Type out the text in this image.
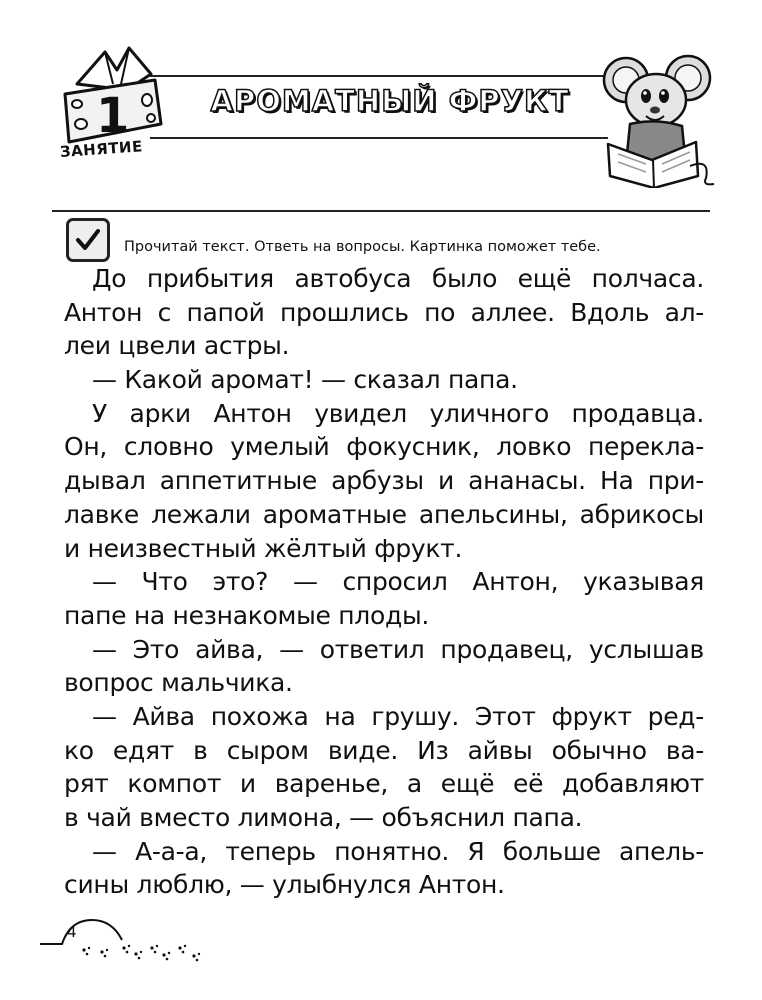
1
ЗАНЯТИЕ
АРОМАТНЫЙ ФРУКТ
Прочитай текст. Ответь на вопросы. Картинка поможет тебе.
До прибытия автобуса было ещё полчаса.
Антон с папой прошлись по аллее. Вдоль ал-
леи цвели астры.
— Какой аромат! — сказал папа.
У арки Антон увидел уличного продавца.
Он, словно умелый фокусник, ловко перекла-
дывал аппетитные арбузы и ананасы. На при-
лавке лежали ароматные апельсины, абрикосы
и неизвестный жёлтый фрукт.
— Что это? — спросил Антон, указывая
папе на незнакомые плоды.
— Это айва, — ответил продавец, услышав
вопрос мальчика.
— Айва похожа на грушу. Этот фрукт ред-
ко едят в сыром виде. Из айвы обычно ва-
рят компот и варенье, а ещё её добавляют
в чай вместо лимона, — объяснил папа.
— А-а-а, теперь понятно. Я больше апель-
сины люблю, — улыбнулся Антон.
4
